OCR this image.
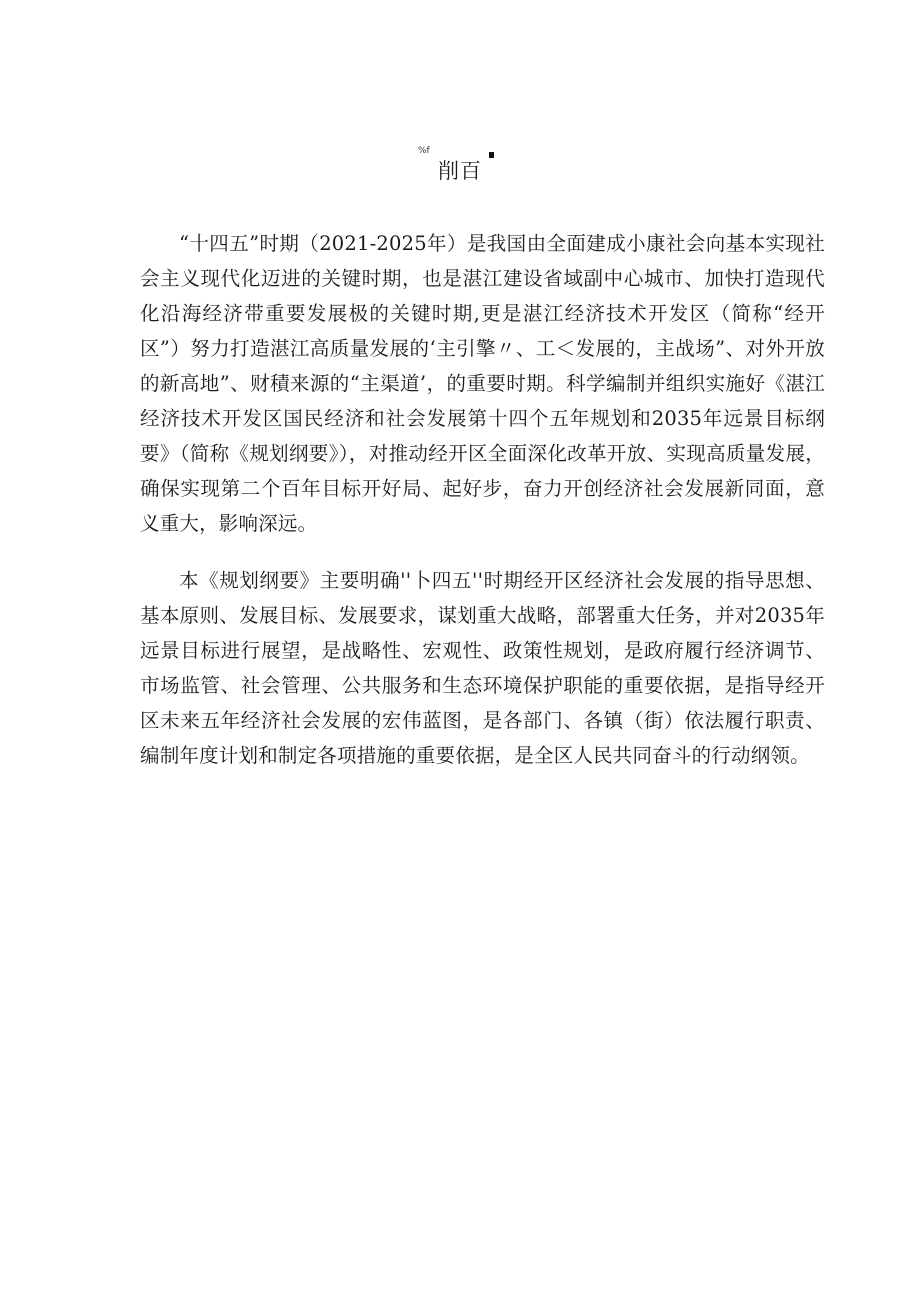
%f
削百

“十四五”时期（2021-2025年）是我国由全面建成小康社会向基本实现社会主义现代化迈进的关键时期，也是湛江建设省域副中心城市、加快打造现代化沿海经济带重要发展极的关键时期,更是湛江经济技术开发区（简称“经开区”）努力打造湛江高质量发展的‘主引擎〃、工＜发展的，主战场”、对外开放的新高地”、财積来源的“主渠道’，的重要时期。科学编制并组织实施好《湛江经济技术开发区国民经济和社会发展第十四个五年规划和2035年远景目标纲要》（简称《规划纲要》），对推动经开区全面深化改革开放、实现高质量发展，确保实现第二个百年目标开好局、起好步，奋力开创经济社会发展新同面，意义重大，影响深远。

本《规划纲要》主要明确''卜四五''时期经开区经济社会发展的指导思想、基本原则、发展目标、发展要求，谋划重大战略，部署重大任务，并对2035年远景目标进行展望，是战略性、宏观性、政策性规划，是政府履行经济调节、市场监管、社会管理、公共服务和生态环境保护职能的重要依据，是指导经开区未来五年经济社会发展的宏伟蓝图，是各部门、各镇（街）依法履行职责、编制年度计划和制定各项措施的重要依据，是全区人民共同奋斗的行动纲领。
